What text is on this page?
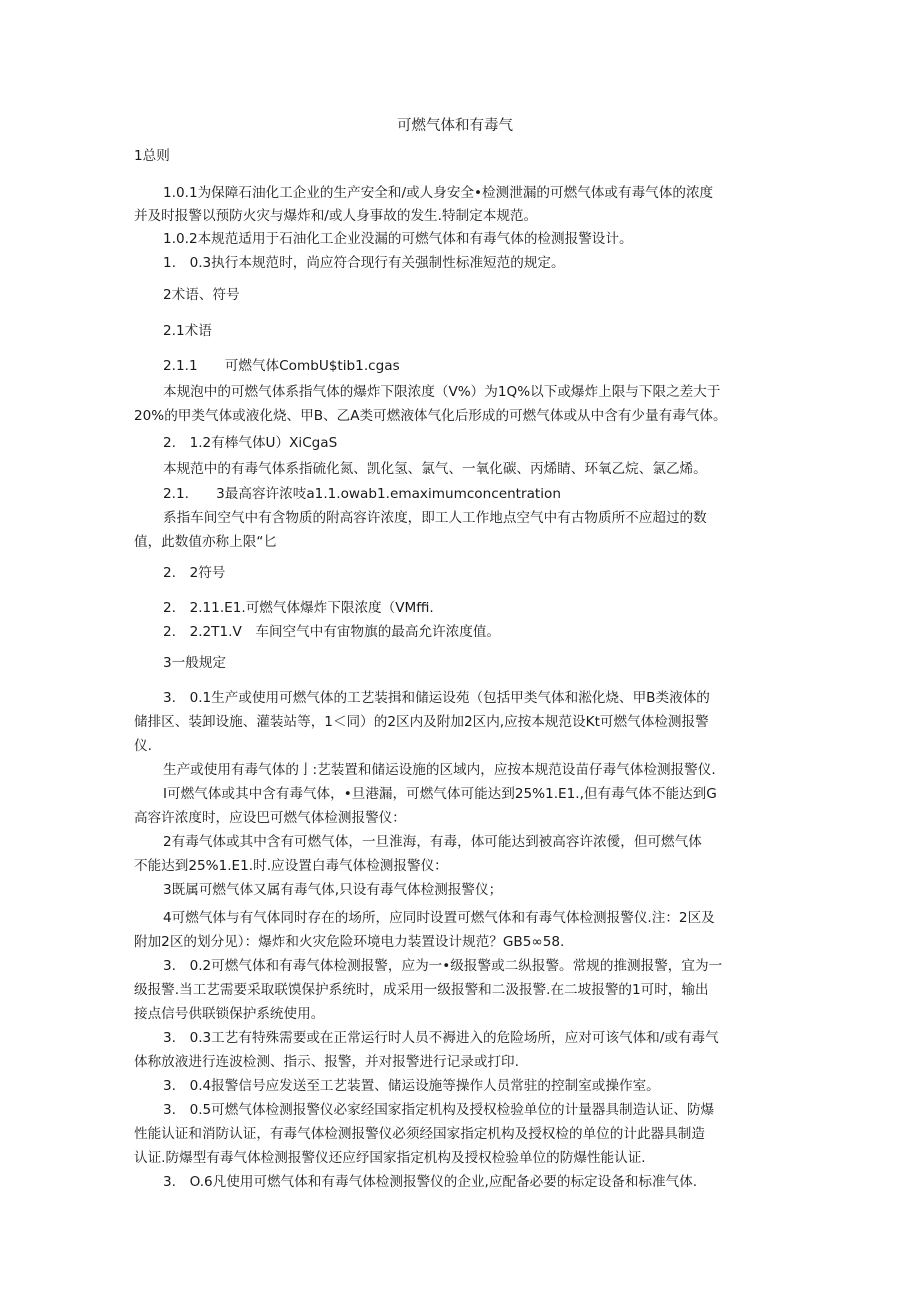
可燃气体和有毒气
1总则
1.0.1为保障石油化工企业的生产安全和/或人身安全•检测泄漏的可燃气体或有毒气体的浓度
并及时报警以预防火灾与爆炸和/或人身事故的发生.特制定本规范。
1.0.2本规范适用于石油化工企业没漏的可燃气体和有毒气体的检测报警设计。
1.　0.3执行本规范时，尚应符合现行有关强制性标准短范的规定。
2术语、符号
2.1术语
2.1.1　　可燃气体CombU$tib1.cgas
本规泡中的可燃气体系指气体的爆炸下限浓度（V%）为1Q%以下或爆炸上限与下限之差大于
20%的甲类气体或液化烧、甲B、乙A类可燃液体气化后形成的可燃气体或从中含有少量有毒气体。
2.　1.2有棒气体U）XiCgaS
本规范中的有毒气体系指硫化氮、凯化氢、氯气、一氧化碳、丙烯睛、环氧乙烷、氯乙烯。
2.1.　　3最高容许浓吱a1.1.owab1.emaximumconcentration
系指车间空气中有含物质的附高容许浓度，即工人工作地点空气中有古物质所不应超过的数
值，此数值亦称上限“匕
2.　2符号
2.　2.11.E1.可燃气体爆炸下限浓度（VMffi.
2.　2.2T1.V　车间空气中有宙物旗的最高允许浓度值。
3一般规定
3.　0.1生产或使用可燃气体的工艺装揖和储运设苑（包括甲类气体和淞化烧、甲B类液体的
储排区、装卸设施、灌装站等，1＜同）的2区内及附加2区内,应按本规范设Kt可燃气体检测报警
仪.
生产或使用有毒气体的亅:艺装置和储运设施的区域内，应按本规范设苗仔毒气体检测报警仪.
I可燃气体或其中含有毒气体，•旦港漏，可燃气体可能达到25%1.E1.,但有毒气体不能达到G
高容许浓度时，应设巴可燃气体检测报警仪：
2有毒气体或其中含有可燃气体，一旦淮海，有毒，体可能达到被高容许浓僾，但可燃气体
不能达到25%1.E1.时.应设置白毒气体检测报警仪：
3既属可燃气体又属有毒气体,只设有毒气体检测报警仪；
4可燃气体与有气体同时存在的场所，应同时设置可燃气体和有毒气体检测报警仪.注：2区及
附加2区的划分见）：爆炸和火灾危险环境电力装置设计规范？GB5∞58.
3.　0.2可燃气体和有毒气体检测报警，应为一•级报警或二纵报警。常规的推测报警，宜为一
级报警.当工艺需要采取联馍保护系统时，成采用一级报警和二汲报警.在二坡报警的1可时，输出
接点信号供联锁保护系统使用。
3.　0.3工艺有特殊需要或在正常运行时人员不褥进入的危险场所，应对可该气体和/或有毒气
体称放液进行连波检测、指示、报警，并对报警进行记录或打印.
3.　0.4报警信号应发送至工艺装置、储运设施等操作人员常驻的控制室或操作室。
3.　0.5可燃气体检测报警仪必家经国家指定机构及授权检验单位的计量器具制造认证、防爆
性能认证和消防认证，有毒气体检测报警仪必须经国家指定机构及授权检的单位的计此器具制造
认证.防爆型有毒气体检测报警仪还应纾国家指定机构及授权检验单位的防爆性能认证.
3.　O.6凡使用可燃气体和有毒气体检测报警仪的企业,应配备必要的标定设备和标准气体.
